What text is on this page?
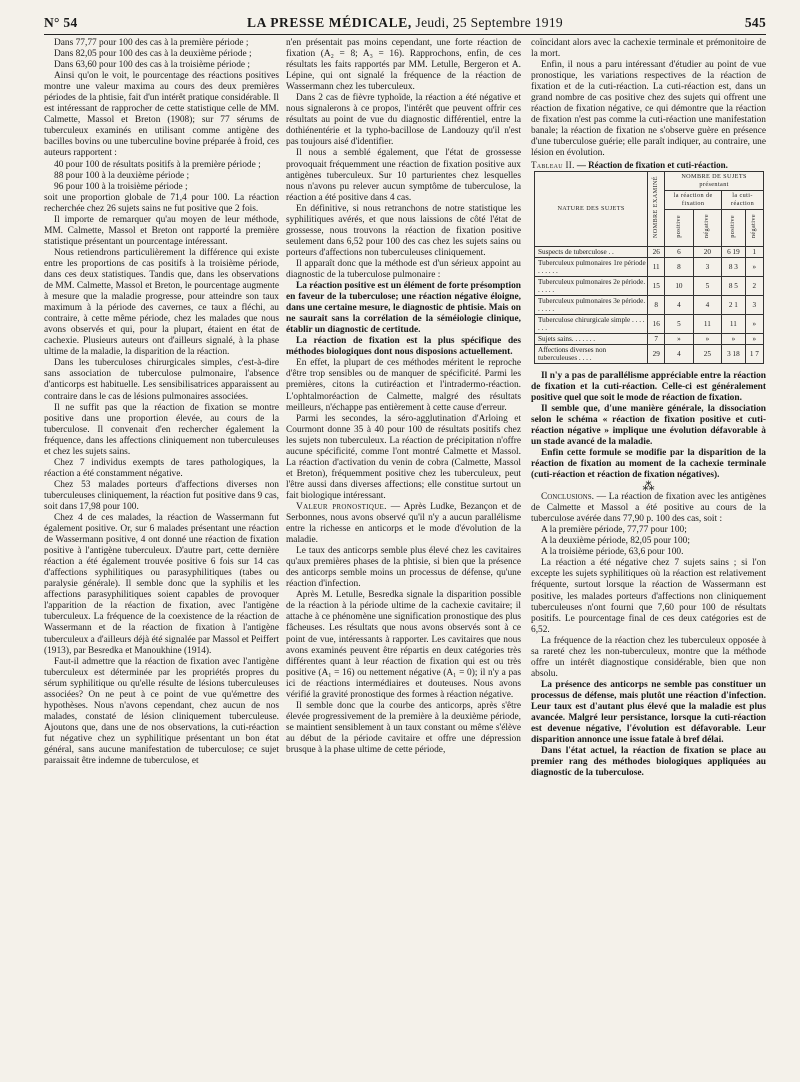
N° 54	LA PRESSE MÉDICALE, Jeudi, 25 Septembre 1919	545

Dans 77,77 pour 100 des cas à la première période ;

Dans 82,05 pour 100 des cas à la deuxième période ;

Dans 63,60 pour 100 des cas à la troisième période ;

Ainsi qu'on le voit, le pourcentage des réactions positives montre une valeur maxima au cours des deux premières périodes de la phtisie, fait d'un intérêt pratique considérable. Il est intéressant de rapprocher de cette statistique celle de MM. Calmette, Massol et Breton (1908); sur 77 sérums de tuberculeux examinés en utilisant comme antigène des bacilles bovins ou une tuberculine bovine préparée à froid, ces auteurs rapportent :

40 pour 100 de résultats positifs à la première période ;

88 pour 100 à la deuxième période ;

96 pour 100 à la troisième période ;

soit une proportion globale de 71,4 pour 100. La réaction recherchée chez 26 sujets sains ne fut positive que 2 fois.

Il importe de remarquer qu'au moyen de leur méthode, MM. Calmette, Massol et Breton ont rapporté la première statistique présentant un pourcentage intéressant.

Nous retiendrons particulièrement la différence qui existe entre les proportions de cas positifs à la troisième période, dans ces deux statistiques. Tandis que, dans les observations de MM. Calmette, Massol et Breton, le pourcentage augmente à mesure que la maladie progresse, pour atteindre son taux maximum à la période des cavernes, ce taux a fléchi, au contraire, à cette même période, chez les malades que nous avons observés et qui, pour la plupart, étaient en état de cachexie. Plusieurs auteurs ont d'ailleurs signalé, à la phase ultime de la maladie, la disparition de la réaction.

Dans les tuberculoses chirurgicales simples, c'est-à-dire sans association de tuberculose pulmonaire, l'absence d'anticorps est habituelle. Les sensibilisatrices apparaissent au contraire dans le cas de lésions pulmonaires associées.

Il ne suffit pas que la réaction de fixation se montre positive dans une proportion élevée, au cours de la tuberculose. Il convenait d'en rechercher également la fréquence, dans les affections cliniquement non tuberculeuses et chez les sujets sains.

Chez 7 individus exempts de tares pathologiques, la réaction a été constamment négative.

Chez 53 malades porteurs d'affections diverses non tuberculeuses cliniquement, la réaction fut positive dans 9 cas, soit dans 17,98 pour 100.

Chez 4 de ces malades, la réaction de Wassermann fut également positive. Or, sur 6 malades présentant une réaction de Wassermann positive, 4 ont donné une réaction de fixation positive à l'antigène tuberculeux. D'autre part, cette dernière réaction a été également trouvée positive 6 fois sur 14 cas d'affections syphilitiques ou parasyphilitiques (tabes ou paralysie générale). Il semble donc que la syphilis et les affections parasyphilitiques soient capables de provoquer l'apparition de la réaction de fixation, avec l'antigène tuberculeux. La fréquence de la coexistence de la réaction de Wassermann et de la réaction de fixation à l'antigène tuberculeux a d'ailleurs déjà été signalée par Massol et Peiffert (1913), par Besredka et Manoukhine (1914).

Faut-il admettre que la réaction de fixation avec l'antigène tuberculeux est déterminée par les propriétés propres du sérum syphilitique ou qu'elle résulte de lésions tuberculeuses associées? On ne peut à ce point de vue qu'émettre des hypothèses. Nous n'avons cependant, chez aucun de nos malades, constaté de lésion cliniquement tuberculeuse. Ajoutons que, dans une de nos observations, la cuti-réaction fut négative chez un syphilitique présentant un bon état général, sans aucune manifestation de tuberculose; ce sujet paraissait être indemne de tuberculose, et

n'en présentait pas moins cependant, une forte réaction de fixation (A₂ = 8; A₃ = 16). Rapprochons, enfin, de ces résultats les faits rapportés par MM. Letulle, Bergeron et A. Lépine, qui ont signalé la fréquence de la réaction de Wassermann chez les tuberculeux.

Dans 2 cas de fièvre typhoïde, la réaction a été négative et nous signalerons à ce propos, l'intérêt que peuvent offrir ces résultats au point de vue du diagnostic différentiel, entre la dothiénentérie et la typho-bacillose de Landouzy qu'il n'est pas toujours aisé d'identifier.

Il nous a semblé également, que l'état de grossesse provoquait fréquemment une réaction de fixation positive aux antigènes tuberculeux. Sur 10 parturientes chez lesquelles nous n'avons pu relever aucun symptôme de tuberculose, la réaction a été positive dans 4 cas.

En définitive, si nous retranchons de notre statistique les syphilitiques avérés, et que nous laissions de côté l'état de grossesse, nous trouvons la réaction de fixation positive seulement dans 6,52 pour 100 des cas chez les sujets sains ou porteurs d'affections non tuberculeuses cliniquement.

Il apparaît donc que la méthode est d'un sérieux appoint au diagnostic de la tuberculose pulmonaire :

La réaction positive est un élément de forte présomption en faveur de la tuberculose; une réaction négative éloigne, dans une certaine mesure, le diagnostic de phtisie. Mais on ne saurait sans la corrélation de la séméiologie clinique, établir un diagnostic de certitude.

La réaction de fixation est la plus spécifique des méthodes biologiques dont nous disposions actuellement.

En effet, la plupart de ces méthodes méritent le reproche d'être trop sensibles ou de manquer de spécificité. Parmi les premières, citons la cutiréaction et l'intradermo-réaction. L'ophtalmoréaction de Calmette, malgré des résultats meilleurs, n'échappe pas entièrement à cette cause d'erreur.

Parmi les secondes, la séro-agglutination d'Arloing et Courmont donne 35 à 40 pour 100 de résultats positifs chez les sujets non tuberculeux. La réaction de précipitation n'offre aucune spécificité, comme l'ont montré Calmette et Massol. La réaction d'activation du venin de cobra (Calmette, Massol et Breton), fréquemment positive chez les tuberculeux, peut l'être aussi dans diverses affections; elle constitue surtout un fait biologique intéressant.

Valeur pronostique. — Après Ludke, Bezançon et de Serbonnes, nous avons observé qu'il n'y a aucun parallélisme entre la richesse en anticorps et le mode d'évolution de la maladie.

Le taux des anticorps semble plus élevé chez les cavitaires qu'aux premières phases de la phtisie, si bien que la présence des anticorps semble moins un processus de défense, qu'une réaction d'infection.

Après M. Letulle, Besredka signale la disparition possible de la réaction à la période ultime de la cachexie cavitaire; il attache à ce phénomène une signification pronostique des plus fâcheuses. Les résultats que nous avons observés sont à ce point de vue, intéressants à rapporter. Les cavitaires que nous avons examinés peuvent être répartis en deux catégories très différentes quant à leur réaction de fixation qui est ou très positive (A₁ = 16) ou nettement négative (A₁ = 0); il n'y a pas ici de réactions intermédiaires et douteuses. Nous avons vérifié la gravité pronostique des formes à réaction négative.

Il semble donc que la courbe des anticorps, après s'être élevée progressivement de la première à la deuxième période, se maintient sensiblement à un taux constant ou même s'élève au début de la période cavitaire et offre une dépression brusque à la phase ultime de cette période,

coïncidant alors avec la cachexie terminale et prémonitoire de la mort.

Enfin, il nous a paru intéressant d'étudier au point de vue pronostique, les variations respectives de la réaction de fixation et de la cuti-réaction. La cuti-réaction est, dans un grand nombre de cas positive chez des sujets qui offrent une réaction de fixation négative, ce qui démontre que la réaction de fixation n'est pas comme la cuti-réaction une manifestation banale; la réaction de fixation ne s'observe guère en présence d'une tuberculose guérie; elle paraît indiquer, au contraire, une lésion en évolution.

Tableau II. — Réaction de fixation et cuti-réaction.

NATURE DES SUJETS	NOMBRE EXAMINÉ	NOMBRE DE SUJETS présentant			
		la réaction de fixation		la cuti-réaction	
		positive	négative	positive	négative
Suspects de tuberculose . .	26	6	20	6 19	1
Tuberculeux pulmonaires 1re période . . . . . .	11	8	3	8 3	»
Tuberculeux pulmonaires 2e période. . . . . .	15	10	5	8 5	2
Tuberculeux pulmonaires 3e période. . . . . .	8	4	4	2 1	3
Tuberculose chirurgicale simple . . . . . . .	16	5	11	11	»
Sujets sains. . . . . . .	7	»	»	»	»
Affections diverses non tuberculeuses . . . .	29	4	25	3 18	1 7

Il n'y a pas de parallélisme appréciable entre la réaction de fixation et la cuti-réaction. Celle-ci est généralement positive quel que soit le mode de réaction de fixation.

Il semble que, d'une manière générale, la dissociation selon le schéma « réaction de fixation positive et cuti-réaction négative » implique une évolution défavorable à un stade avancé de la maladie.

Enfin cette formule se modifie par la disparition de la réaction de fixation au moment de la cachexie terminale (cuti-réaction et réaction de fixation négatives).

⁂

Conclusions. — La réaction de fixation avec les antigènes de Calmette et Massol a été positive au cours de la tuberculose avérée dans 77,90 p. 100 des cas, soit :

A la première période, 77,77 pour 100;

A la deuxième période, 82,05 pour 100;

A la troisième période, 63,6 pour 100.

La réaction a été négative chez 7 sujets sains ; si l'on excepte les sujets syphilitiques où la réaction est relativement fréquente, surtout lorsque la réaction de Wassermann est positive, les malades porteurs d'affections non cliniquement tuberculeuses n'ont fourni que 7,60 pour 100 de résultats positifs. Le pourcentage final de ces deux catégories est de 6,52.

La fréquence de la réaction chez les tuberculeux opposée à sa rareté chez les non-tuberculeux, montre que la méthode offre un intérêt diagnostique considérable, bien que non absolu.

La présence des anticorps ne semble pas constituer un processus de défense, mais plutôt une réaction d'infection. Leur taux est d'autant plus élevé que la maladie est plus avancée. Malgré leur persistance, lorsque la cuti-réaction est devenue négative, l'évolution est défavorable. Leur disparition annonce une issue fatale à bref délai.

Dans l'état actuel, la réaction de fixation se place au premier rang des méthodes biologiques appliquées au diagnostic de la tuberculose.
